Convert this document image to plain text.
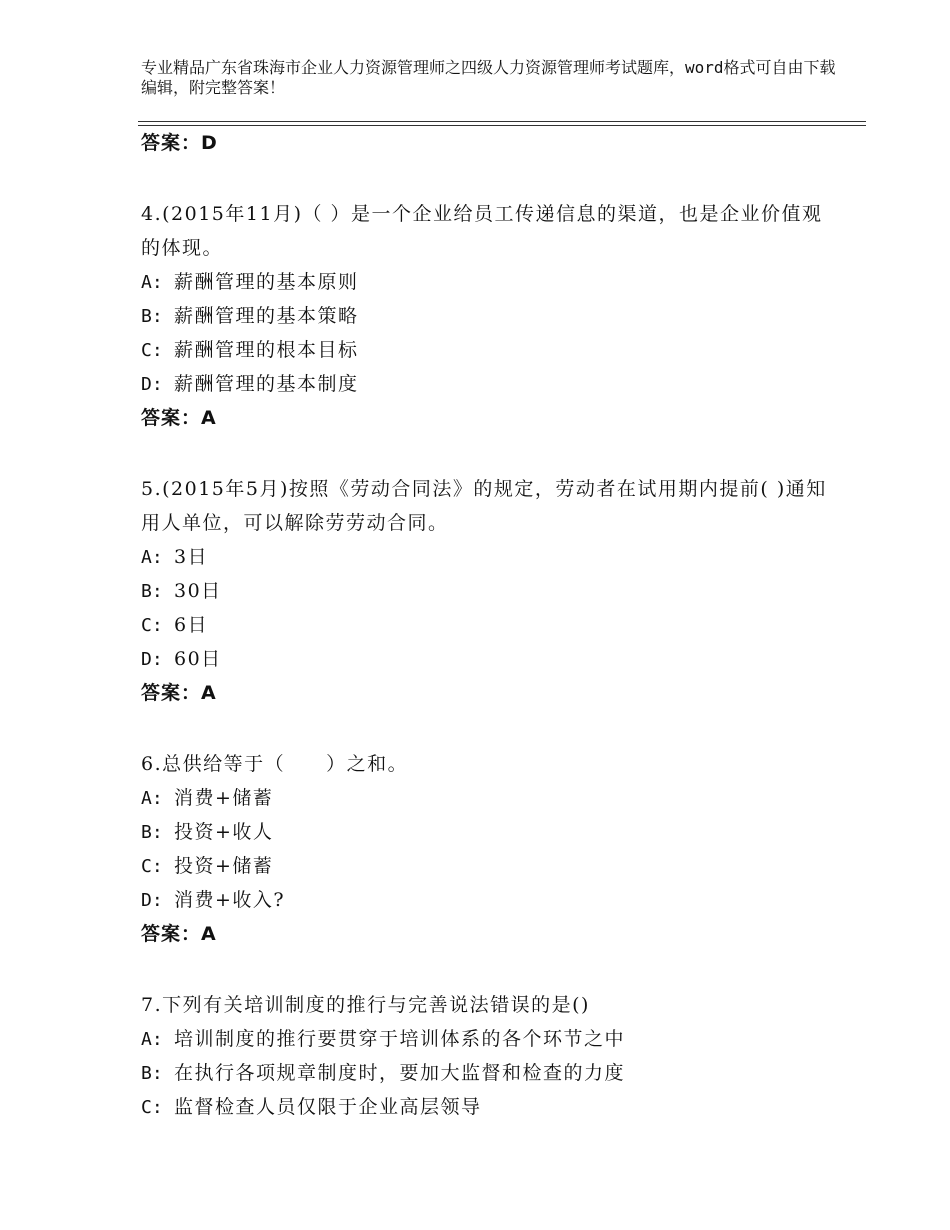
专业精品广东省珠海市企业人力资源管理师之四级人力资源管理师考试题库，word格式可自由下载编辑，附完整答案！
答案：D
4.(2015年11月)（ ）是一个企业给员工传递信息的渠道，也是企业价值观的体现。
A: 薪酬管理的基本原则
B: 薪酬管理的基本策略
C: 薪酬管理的根本目标
D: 薪酬管理的基本制度
答案：A
5.(2015年5月)按照《劳动合同法》的规定，劳动者在试用期内提前( )通知用人单位，可以解除劳劳动合同。
A: 3日
B: 30日
C: 6日
D: 60日
答案：A
6.总供给等于（　　）之和。
A: 消费+储蓄
B: 投资+收人
C: 投资+储蓄
D: 消费+收入?
答案：A
7.下列有关培训制度的推行与完善说法错误的是()
A: 培训制度的推行要贯穿于培训体系的各个环节之中
B: 在执行各项规章制度时，要加大监督和检查的力度
C: 监督检查人员仅限于企业高层领导
